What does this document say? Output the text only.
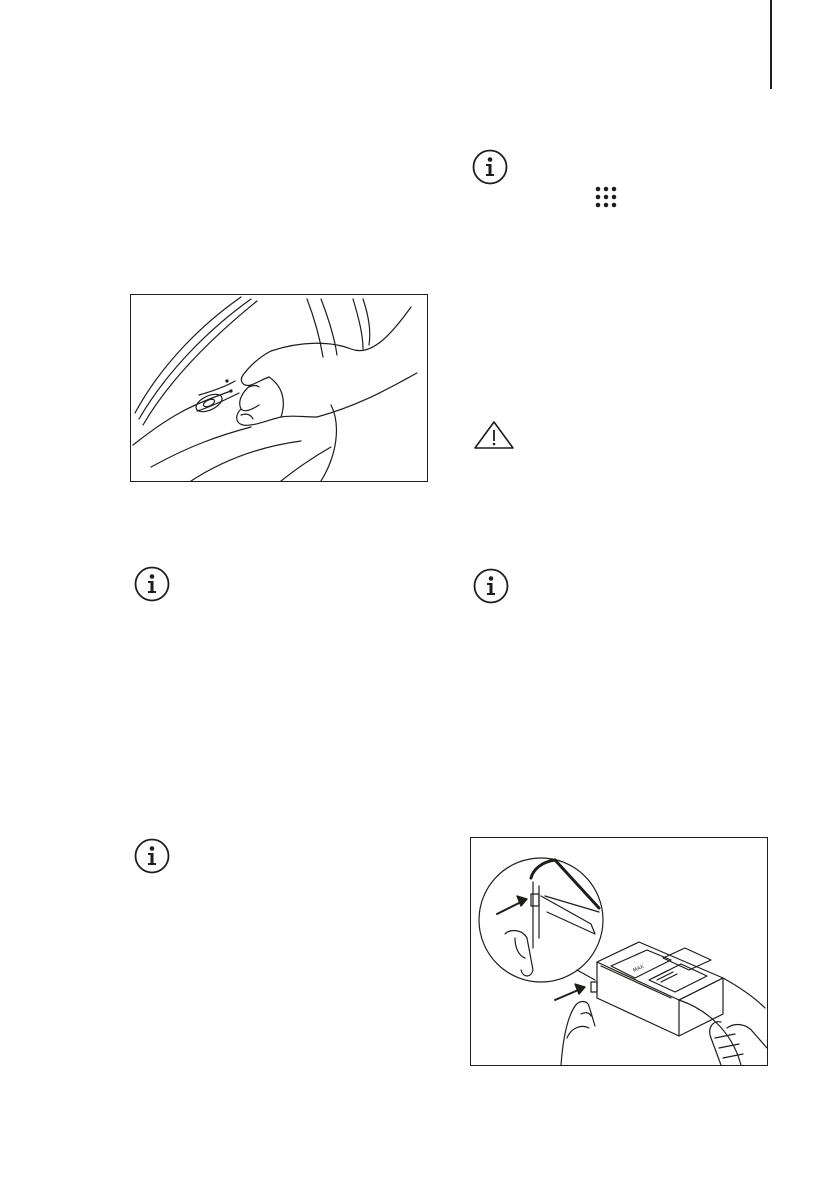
MAX
